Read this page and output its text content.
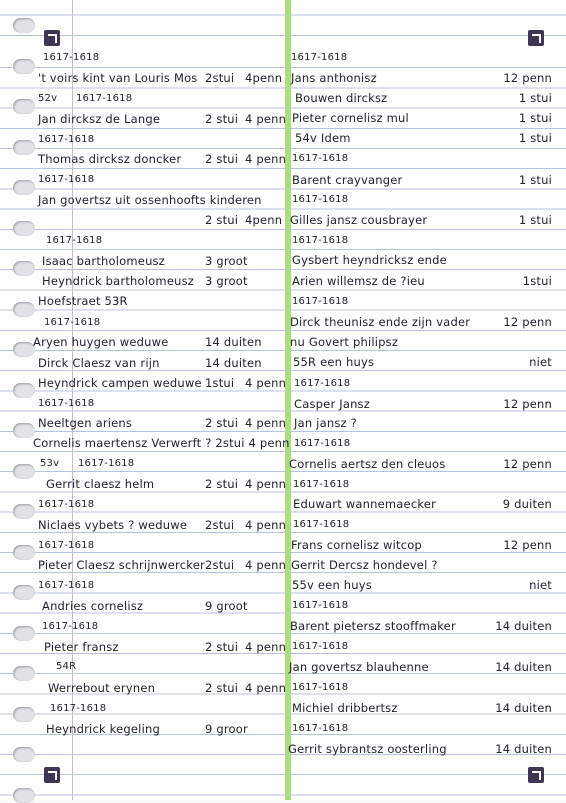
1617-1618
't voirs kint van Louris Mos 2stui 4penn
52v 1617-1618
Jan dircksz de Lange	2 stui 4 penn
1617-1618
Thomas dircksz doncker 2 stui 4 penn
1617-1618
Jan govertsz uit ossenhoofts kinderen
2 stui 4penn
1617-1618
Isaac bartholomeusz	3 groot
Heyndrick bartholomeusz 3 groot
Hoefstraet 53R
1617-1618
Aryen huygen weduwe	14 duiten
Dirck Claesz van rijn	14 duiten
Heyndrick campen weduwe 1stui 4 penn
1617-1618
Neeltgen ariens	2 stui 4 penn
Cornelis maertensz Verwerft ? 2stui 4 penn
53v 1617-1618
Gerrit claesz helm	2 stui 4 penn
1617-1618
Niclaes vybets ? weduwe 2stui 4 penn
1617-1618
Pieter Claesz schrijnwercker 2stui 4 penn
1617-1618
Andries cornelisz	9 groot
1617-1618
Pieter fransz	2 stui 4 penn
54R
Werrebout erynen	2 stui 4 penn
1617-1618
Heyndrick kegeling	9 groor
1617-1618
Jans anthonisz	12 penn
Bouwen dircksz	1 stui
Pieter cornelisz mul	1 stui
54v Idem	1 stui
1617-1618
Barent crayvanger	1 stui
1617-1618
Gilles jansz cousbrayer	1 stui
1617-1618
Gysbert heyndricksz ende
Arien willemsz de ?ieu	1stui
1617-1618
Dirck theunisz ende zijn vader	12 penn
nu Govert philipsz
55R een huys	niet
1617-1618
Casper Jansz	12 penn
Jan jansz ?
1617-1618
Cornelis aertsz den cleuos	12 penn
1617-1618
Eduwart wannemaecker	9 duiten
1617-1618
Frans cornelisz witcop	12 penn
Gerrit Dercsz hondevel ?
55v een huys	niet
1617-1618
Barent pietersz stooffmaker	14 duiten
1617-1618
Jan govertsz blauhenne	14 duiten
1617-1618
Michiel dribbertsz	14 duiten
1617-1618
Gerrit sybrantsz oosterling	14 duiten
